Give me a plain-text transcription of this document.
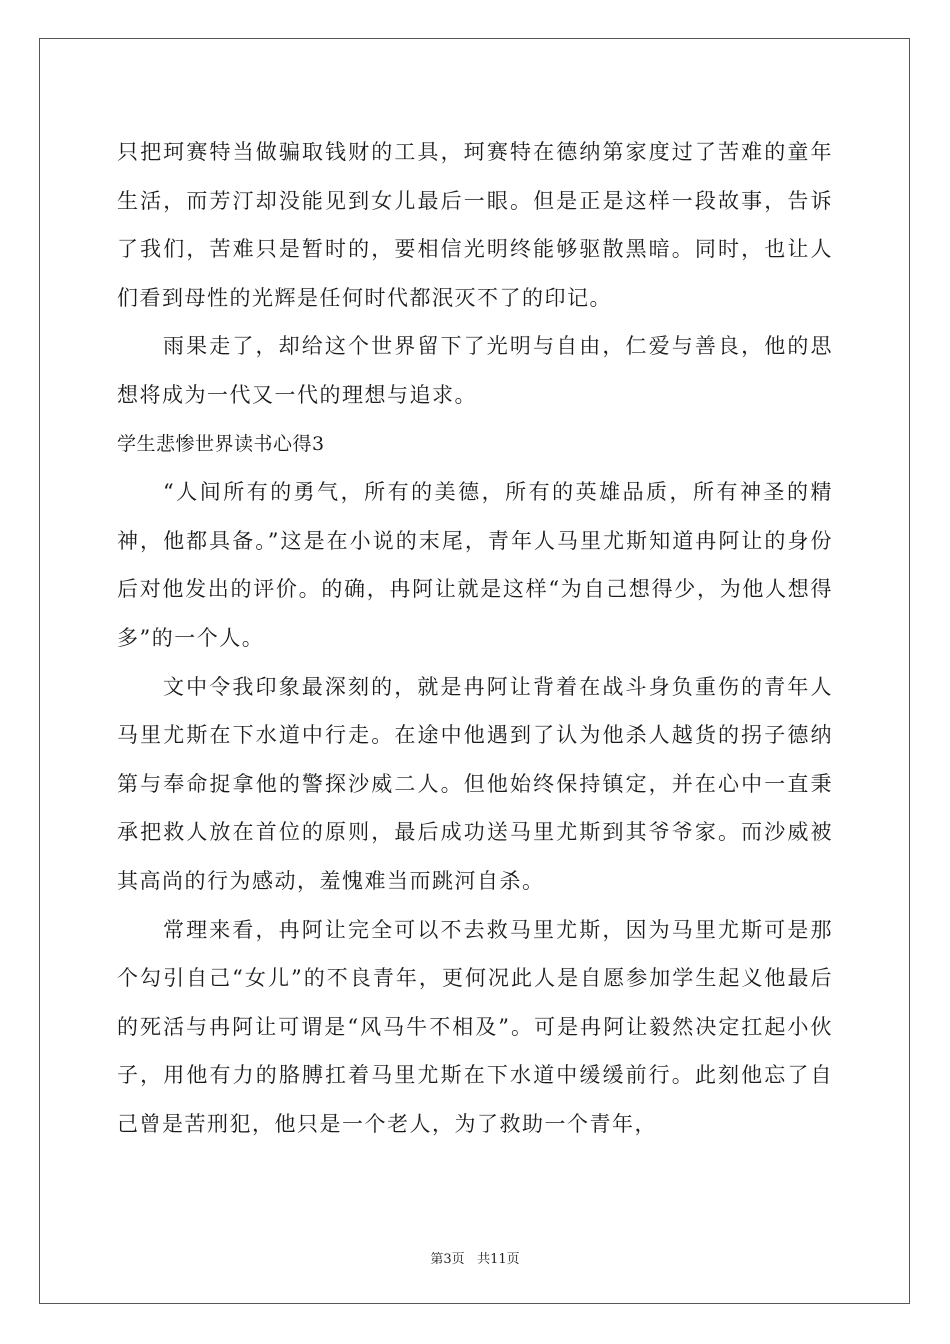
只把珂赛特当做骗取钱财的工具，珂赛特在德纳第家度过了苦难的童年生活，而芳汀却没能见到女儿最后一眼。但是正是这样一段故事，告诉了我们，苦难只是暂时的，要相信光明终能够驱散黑暗。同时，也让人们看到母性的光辉是任何时代都泯灭不了的印记。

雨果走了，却给这个世界留下了光明与自由，仁爱与善良，他的思想将成为一代又一代的理想与追求。

学生悲惨世界读书心得3

“人间所有的勇气，所有的美德，所有的英雄品质，所有神圣的精神，他都具备。”这是在小说的末尾，青年人马里尤斯知道冉阿让的身份后对他发出的评价。的确，冉阿让就是这样“为自己想得少，为他人想得多”的一个人。

文中令我印象最深刻的，就是冉阿让背着在战斗身负重伤的青年人马里尤斯在下水道中行走。在途中他遇到了认为他杀人越货的拐子德纳第与奉命捉拿他的警探沙威二人。但他始终保持镇定，并在心中一直秉承把救人放在首位的原则，最后成功送马里尤斯到其爷爷家。而沙威被其高尚的行为感动，羞愧难当而跳河自杀。

常理来看，冉阿让完全可以不去救马里尤斯，因为马里尤斯可是那个勾引自己“女儿”的不良青年，更何况此人是自愿参加学生起义他最后的死活与冉阿让可谓是“风马牛不相及”。可是冉阿让毅然决定扛起小伙子，用他有力的胳膊扛着马里尤斯在下水道中缓缓前行。此刻他忘了自己曾是苦刑犯，他只是一个老人，为了救助一个青年，

第3页 共11页
